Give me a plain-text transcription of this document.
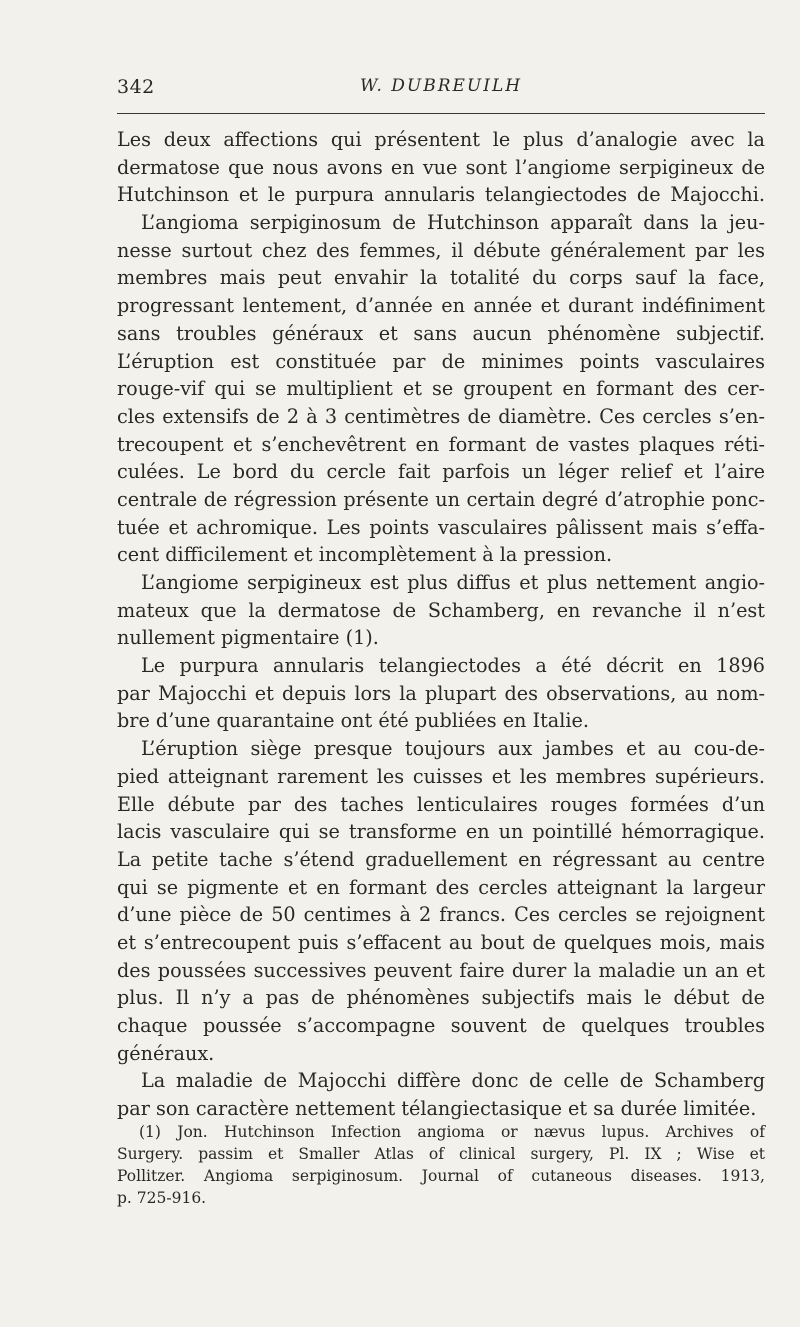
342	W. DUBREUILH
Les deux affections qui présentent le plus d’analogie avec la
dermatose que nous avons en vue sont l’angiome serpigineux de
Hutchinson et le purpura annularis telangiectodes de Majocchi.
L’angioma serpiginosum de Hutchinson apparaît dans la jeu-
nesse surtout chez des femmes, il débute généralement par les
membres mais peut envahir la totalité du corps sauf la face,
progressant lentement, d’année en année et durant indéfiniment
sans troubles généraux et sans aucun phénomène subjectif.
L’éruption est constituée par de minimes points vasculaires
rouge-vif qui se multiplient et se groupent en formant des cer-
cles extensifs de 2 à 3 centimètres de diamètre. Ces cercles s’en-
trecoupent et s’enchevêtrent en formant de vastes plaques réti-
culées. Le bord du cercle fait parfois un léger relief et l’aire
centrale de régression présente un certain degré d’atrophie ponc-
tuée et achromique. Les points vasculaires pâlissent mais s’effa-
cent difficilement et incomplètement à la pression.
L’angiome serpigineux est plus diffus et plus nettement angio-
mateux que la dermatose de Schamberg, en revanche il n’est
nullement pigmentaire (1).
Le purpura annularis telangiectodes a été décrit en 1896
par Majocchi et depuis lors la plupart des observations, au nom-
bre d’une quarantaine ont été publiées en Italie.
L’éruption siège presque toujours aux jambes et au cou-de-
pied atteignant rarement les cuisses et les membres supérieurs.
Elle débute par des taches lenticulaires rouges formées d’un
lacis vasculaire qui se transforme en un pointillé hémorragique.
La petite tache s’étend graduellement en régressant au centre
qui se pigmente et en formant des cercles atteignant la largeur
d’une pièce de 50 centimes à 2 francs. Ces cercles se rejoignent
et s’entrecoupent puis s’effacent au bout de quelques mois, mais
des poussées successives peuvent faire durer la maladie un an et
plus. Il n’y a pas de phénomènes subjectifs mais le début de
chaque poussée s’accompagne souvent de quelques troubles
généraux.
La maladie de Majocchi diffère donc de celle de Schamberg
par son caractère nettement télangiectasique et sa durée limitée.
(1) Jon. Hutchinson Infection angioma or nævus lupus. Archives of
Surgery. passim et Smaller Atlas of clinical surgery, Pl. IX ; Wise et
Pollitzer. Angioma serpiginosum. Journal of cutaneous diseases. 1913,
p. 725-916.
